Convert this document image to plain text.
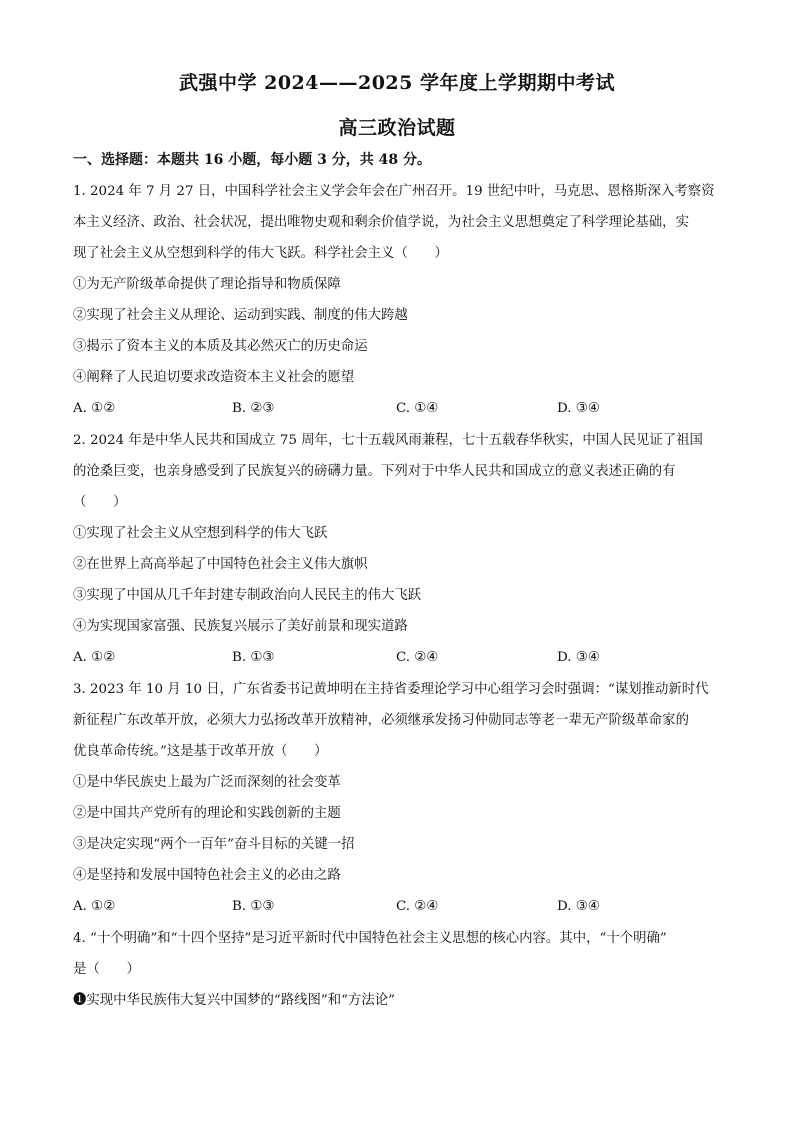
武强中学 2024——2025 学年度上学期期中考试
高三政治试题
一、选择题：本题共 16 小题，每小题 3 分，共 48 分。
1. 2024 年 7 月 27 日，中国科学社会主义学会年会在广州召开。19 世纪中叶，马克思、恩格斯深入考察资
本主义经济、政治、社会状况，提出唯物史观和剩余价值学说，为社会主义思想奠定了科学理论基础，实
现了社会主义从空想到科学的伟大飞跃。科学社会主义（　　）
①为无产阶级革命提供了理论指导和物质保障
②实现了社会主义从理论、运动到实践、制度的伟大跨越
③揭示了资本主义的本质及其必然灭亡的历史命运
④阐释了人民迫切要求改造资本主义社会的愿望
A. ①②	B. ②③	C. ①④	D. ③④
2. 2024 年是中华人民共和国成立 75 周年，七十五载风雨兼程，七十五载春华秋实，中国人民见证了祖国
的沧桑巨变，也亲身感受到了民族复兴的磅礴力量。下列对于中华人民共和国成立的意义表述正确的有
（　　）
①实现了社会主义从空想到科学的伟大飞跃
②在世界上高高举起了中国特色社会主义伟大旗帜
③实现了中国从几千年封建专制政治向人民民主的伟大飞跃
④为实现国家富强、民族复兴展示了美好前景和现实道路
A. ①②	B. ①③	C. ②④	D. ③④
3. 2023 年 10 月 10 日，广东省委书记黄坤明在主持省委理论学习中心组学习会时强调：“谋划推动新时代
新征程广东改革开放，必须大力弘扬改革开放精神，必须继承发扬习仲勋同志等老一辈无产阶级革命家的
优良革命传统。”这是基于改革开放（　　）
①是中华民族史上最为广泛而深刻的社会变革
②是中国共产党所有的理论和实践创新的主题
③是决定实现“两个一百年”奋斗目标的关键一招
④是坚持和发展中国特色社会主义的必由之路
A. ①②	B. ①③	C. ②④	D. ③④
4. “十个明确”和“十四个坚持”是习近平新时代中国特色社会主义思想的核心内容。其中，“十个明确”
是（　　）
❶实现中华民族伟大复兴中国梦的“路线图”和“方法论”
